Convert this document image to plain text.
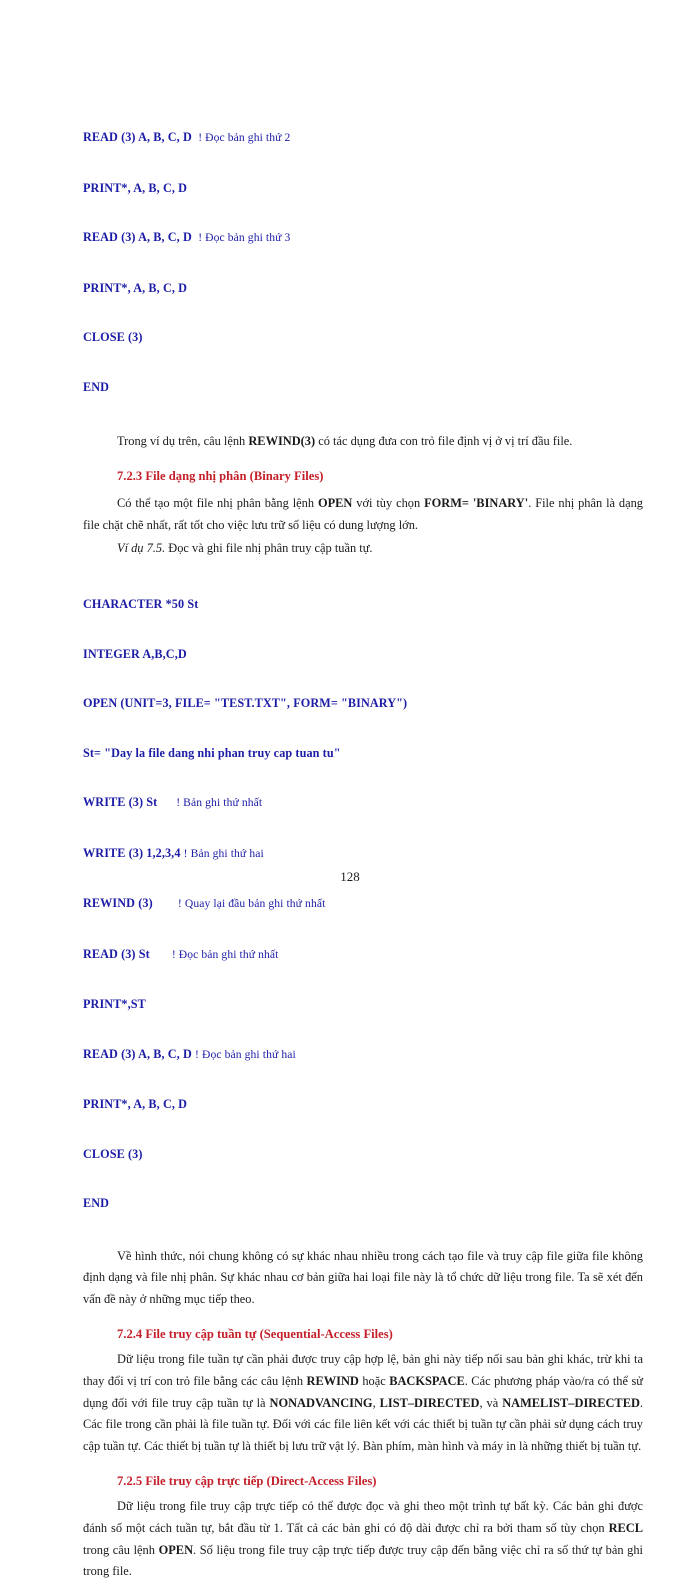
READ (3) A, B, C, D  ! Đọc bản ghi thứ 2

PRINT*, A, B, C, D

READ (3) A, B, C, D  ! Đọc bản ghi thứ 3

PRINT*, A, B, C, D

CLOSE (3)

END

Trong ví dụ trên, câu lệnh REWIND(3) có tác dụng đưa con trỏ file định vị ở vị trí đầu file.

7.2.3 File dạng nhị phân (Binary Files)

Có thể tạo một file nhị phân bằng lệnh OPEN với tùy chọn FORM= 'BINARY'. File nhị phân là dạng file chặt chẽ nhất, rất tốt cho việc lưu trữ số liệu có dung lượng lớn.

Ví dụ 7.5. Đọc và ghi file nhị phân truy cập tuần tự.

CHARACTER *50 St

INTEGER A,B,C,D

OPEN (UNIT=3, FILE= "TEST.TXT", FORM= "BINARY")

St= "Day la file dang nhi phan truy cap tuan tu"

WRITE (3) St      ! Bản ghi thứ nhất

WRITE (3) 1,2,3,4 ! Bản ghi thứ hai

REWIND (3)        ! Quay lại đầu bản ghi thứ nhất

READ (3) St       ! Đọc bản ghi thứ nhất

PRINT*,ST

READ (3) A, B, C, D ! Đọc bản ghi thứ hai

PRINT*, A, B, C, D

CLOSE (3)

END

Về hình thức, nói chung không có sự khác nhau nhiều trong cách tạo file và truy cập file giữa file không định dạng và file nhị phân. Sự khác nhau cơ bản giữa hai loại file này là tổ chức dữ liệu trong file. Ta sẽ xét đến vấn đề này ở những mục tiếp theo.

7.2.4 File truy cập tuần tự (Sequential-Access Files)

Dữ liệu trong file tuần tự cần phải được truy cập hợp lệ, bản ghi này tiếp nối sau bản ghi khác, trừ khi ta thay đổi vị trí con trỏ file bằng các câu lệnh REWIND hoặc BACKSPACE. Các phương pháp vào/ra có thể sử dụng đối với file truy cập tuần tự là NONADVANCING, LIST–DIRECTED, và NAMELIST–DIRECTED. Các file trong cần phải là file tuần tự. Đối với các file liên kết với các thiết bị tuần tự cần phải sử dụng cách truy cập tuần tự. Các thiết bị tuần tự là thiết bị lưu trữ vật lý. Bàn phím, màn hình và máy in là những thiết bị tuần tự.

7.2.5 File truy cập trực tiếp (Direct-Access Files)

Dữ liệu trong file truy cập trực tiếp có thể được đọc và ghi theo một trình tự bất kỳ. Các bản ghi được đánh số một cách tuần tự, bắt đầu từ 1. Tất cả các bản ghi có độ dài được chỉ ra bởi tham số tùy chọn RECL trong câu lệnh OPEN. Số liệu trong file truy cập trực tiếp được truy cập đến bằng việc chỉ ra số thứ tự bản ghi trong file.

128
